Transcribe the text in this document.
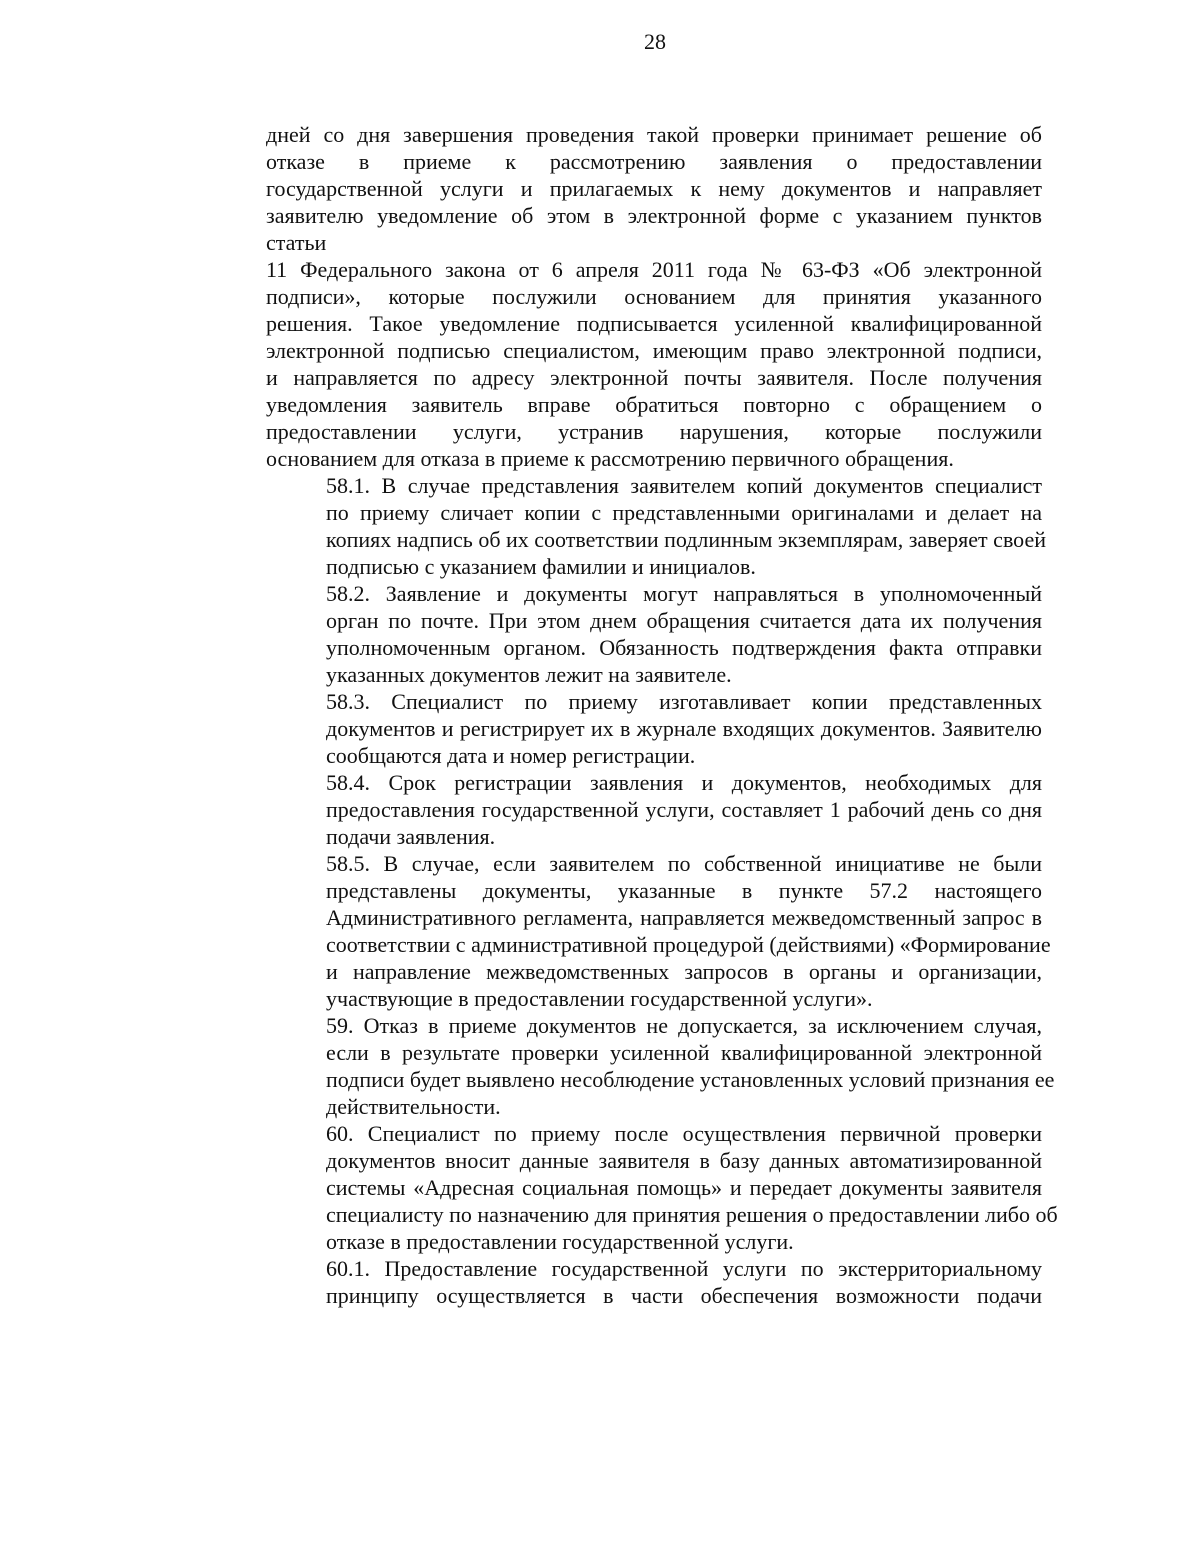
28
дней со дня завершения проведения такой проверки принимает решение об
отказе в приеме к рассмотрению заявления о предоставлении
государственной услуги и прилагаемых к нему документов и направляет
заявителю уведомление об этом в электронной форме с указанием пунктов
статьи
11 Федерального закона от 6 апреля 2011 года № 63-ФЗ «Об электронной
подписи», которые послужили основанием для принятия указанного
решения. Такое уведомление подписывается усиленной квалифицированной
электронной подписью специалистом, имеющим право электронной подписи,
и направляется по адресу электронной почты заявителя. После получения
уведомления заявитель вправе обратиться повторно с обращением о
предоставлении услуги, устранив нарушения, которые послужили
основанием для отказа в приеме к рассмотрению первичного обращения.
58.1. В случае представления заявителем копий документов специалист
по приему сличает копии с представленными оригиналами и делает на
копиях надпись об их соответствии подлинным экземплярам, заверяет своей
подписью с указанием фамилии и инициалов.
58.2. Заявление и документы могут направляться в уполномоченный
орган по почте. При этом днем обращения считается дата их получения
уполномоченным органом. Обязанность подтверждения факта отправки
указанных документов лежит на заявителе.
58.3. Специалист по приему изготавливает копии представленных
документов и регистрирует их в журнале входящих документов. Заявителю
сообщаются дата и номер регистрации.
58.4. Срок регистрации заявления и документов, необходимых для
предоставления государственной услуги, составляет 1 рабочий день со дня
подачи заявления.
58.5. В случае, если заявителем по собственной инициативе не были
представлены документы, указанные в пункте 57.2 настоящего
Административного регламента, направляется межведомственный запрос в
соответствии с административной процедурой (действиями) «Формирование
и направление межведомственных запросов в органы и организации,
участвующие в предоставлении государственной услуги».
59. Отказ в приеме документов не допускается, за исключением случая,
если в результате проверки усиленной квалифицированной электронной
подписи будет выявлено несоблюдение установленных условий признания ее
действительности.
60. Специалист по приему после осуществления первичной проверки
документов вносит данные заявителя в базу данных автоматизированной
системы «Адресная социальная помощь» и передает документы заявителя
специалисту по назначению для принятия решения о предоставлении либо об
отказе в предоставлении государственной услуги.
60.1. Предоставление государственной услуги по экстерриториальному
принципу осуществляется в части обеспечения возможности подачи
